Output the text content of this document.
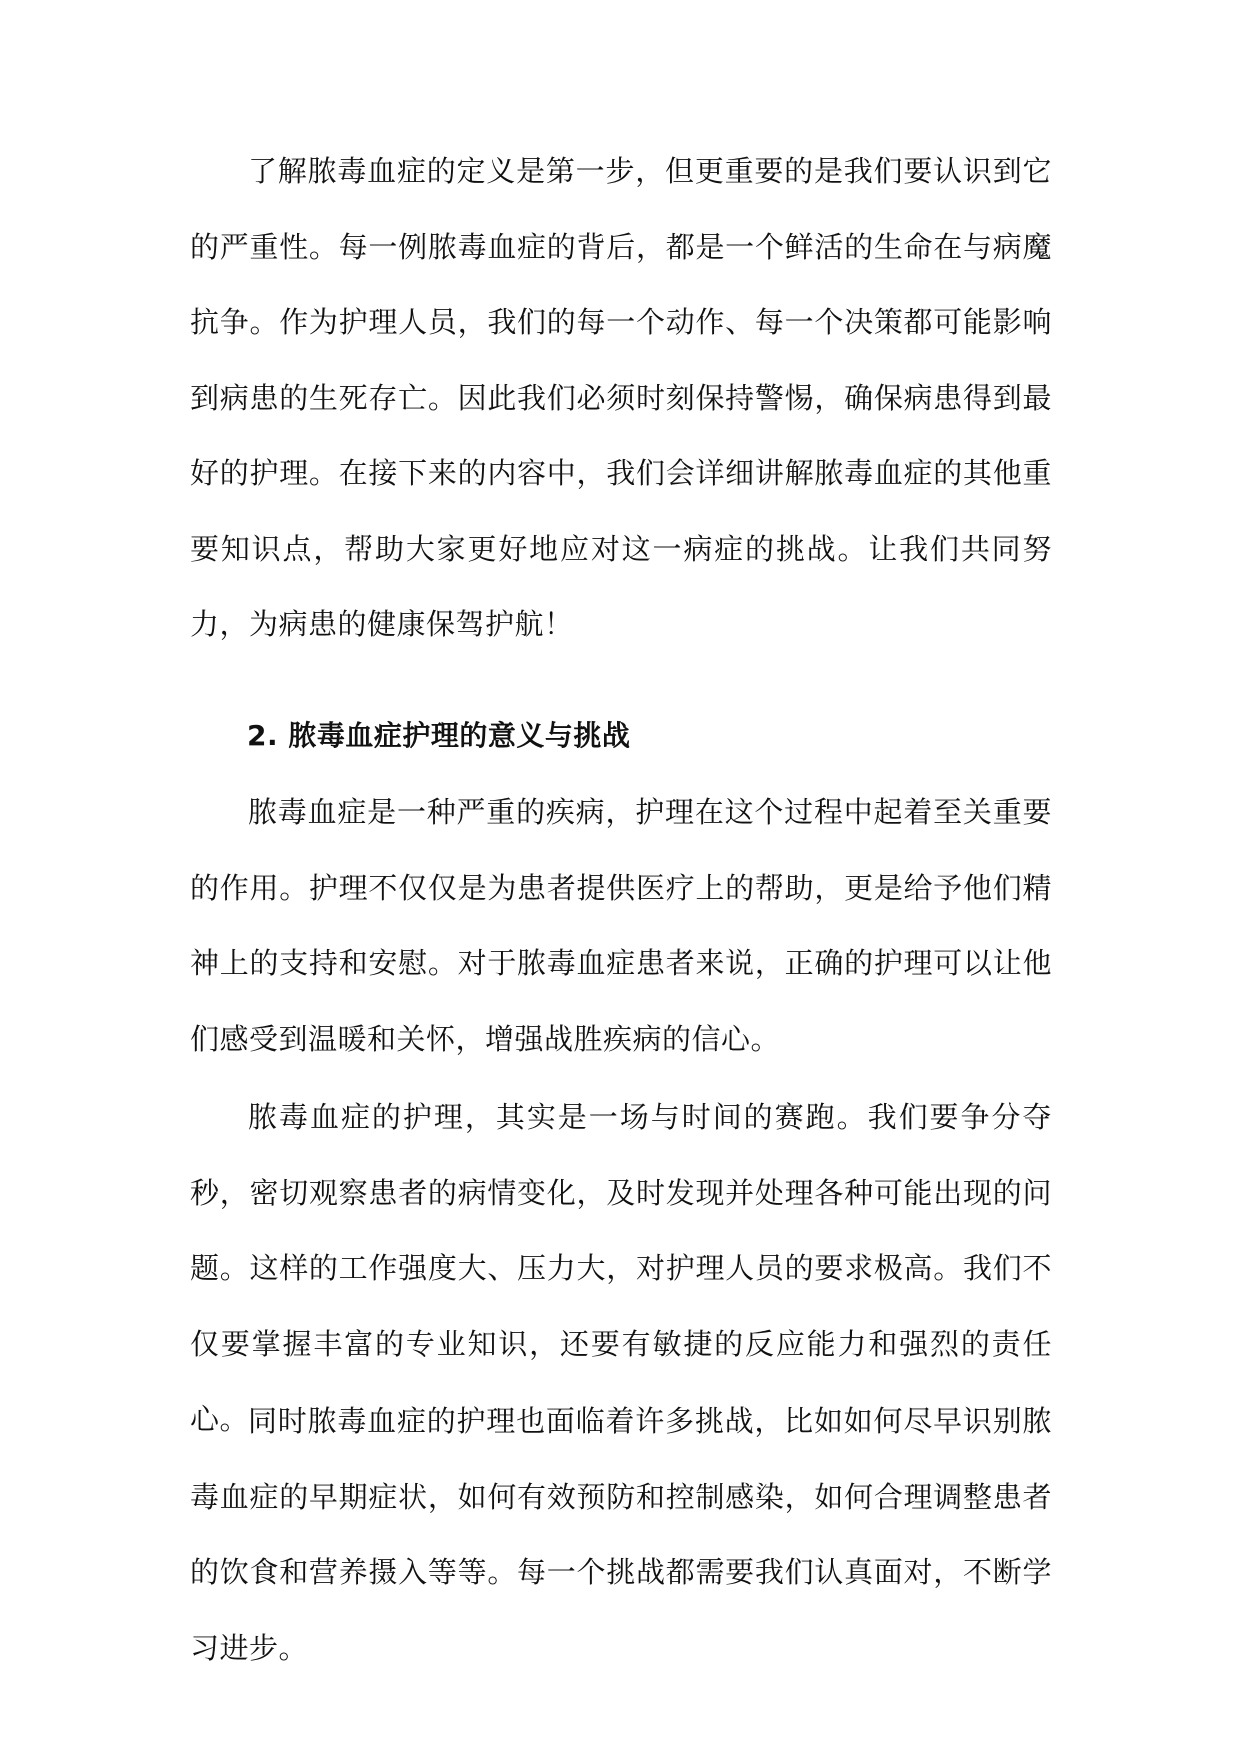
了解脓毒血症的定义是第一步，但更重要的是我们要认识到它的严重性。每一例脓毒血症的背后，都是一个鲜活的生命在与病魔抗争。作为护理人员，我们的每一个动作、每一个决策都可能影响到病患的生死存亡。因此我们必须时刻保持警惕，确保病患得到最好的护理。在接下来的内容中，我们会详细讲解脓毒血症的其他重要知识点，帮助大家更好地应对这一病症的挑战。让我们共同努力，为病患的健康保驾护航！

2. 脓毒血症护理的意义与挑战

脓毒血症是一种严重的疾病，护理在这个过程中起着至关重要的作用。护理不仅仅是为患者提供医疗上的帮助，更是给予他们精神上的支持和安慰。对于脓毒血症患者来说，正确的护理可以让他们感受到温暖和关怀，增强战胜疾病的信心。

脓毒血症的护理，其实是一场与时间的赛跑。我们要争分夺秒，密切观察患者的病情变化，及时发现并处理各种可能出现的问题。这样的工作强度大、压力大，对护理人员的要求极高。我们不仅要掌握丰富的专业知识，还要有敏捷的反应能力和强烈的责任心。

同时脓毒血症的护理也面临着许多挑战，比如如何尽早识别脓毒血症的早期症状，如何有效预防和控制感染，如何合理调整患者的饮食和营养摄入等等。每一个挑战都需要我们认真面对，不断学习进步。
